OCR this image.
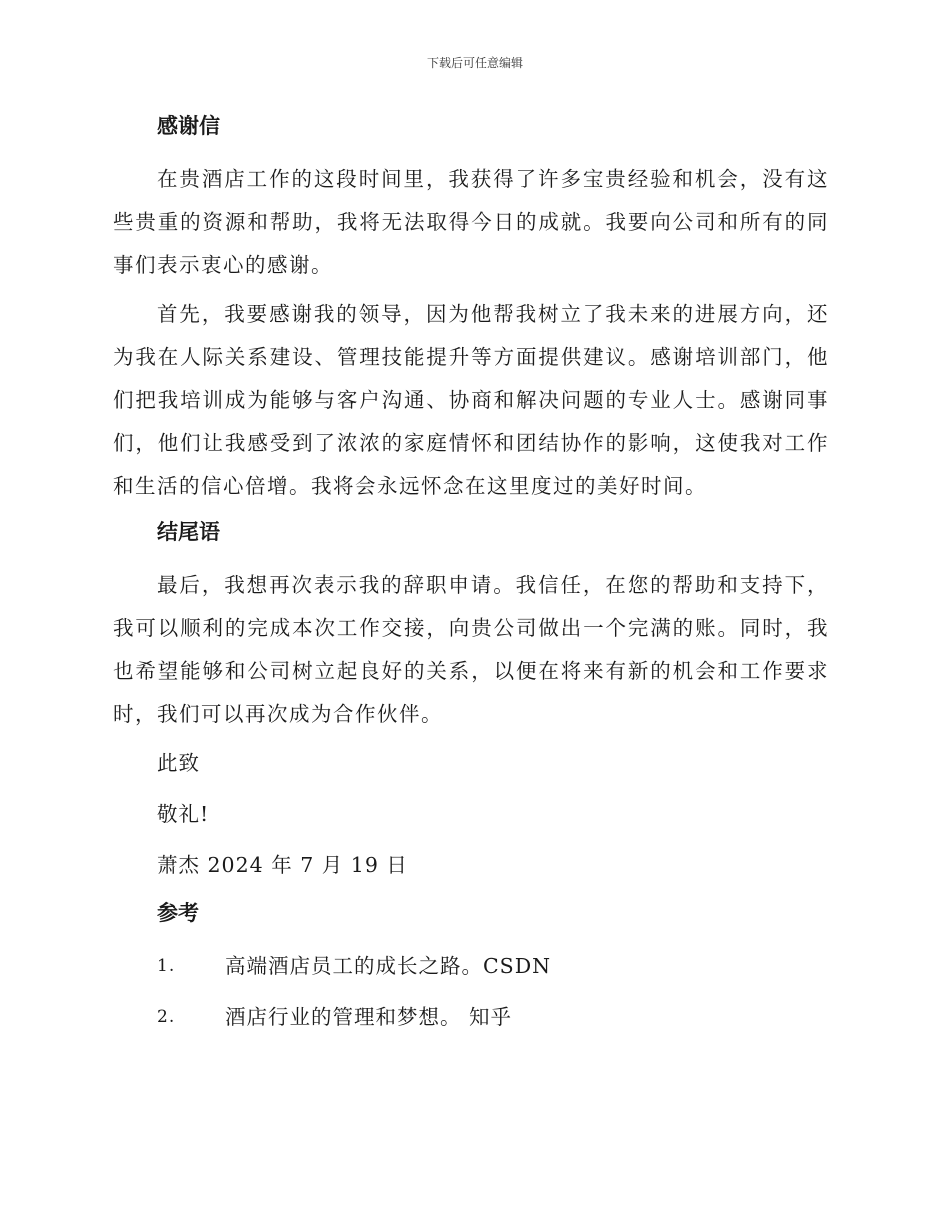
下载后可任意编辑
感谢信

在贵酒店工作的这段时间里，我获得了许多宝贵经验和机会，没有这些贵重的资源和帮助，我将无法取得今日的成就。我要向公司和所有的同事们表示衷心的感谢。

首先，我要感谢我的领导，因为他帮我树立了我未来的进展方向，还为我在人际关系建设、管理技能提升等方面提供建议。感谢培训部门，他们把我培训成为能够与客户沟通、协商和解决问题的专业人士。感谢同事们，他们让我感受到了浓浓的家庭情怀和团结协作的影响，这使我对工作和生活的信心倍增。我将会永远怀念在这里度过的美好时间。

结尾语

最后，我想再次表示我的辞职申请。我信任，在您的帮助和支持下，我可以顺利的完成本次工作交接，向贵公司做出一个完满的账。同时，我也希望能够和公司树立起良好的关系，以便在将来有新的机会和工作要求时，我们可以再次成为合作伙伴。

此致
敬礼!
萧杰 2024 年 7 月 19 日
参考
1.	高端酒店员工的成长之路。CSDN
2.	酒店行业的管理和梦想。 知乎
